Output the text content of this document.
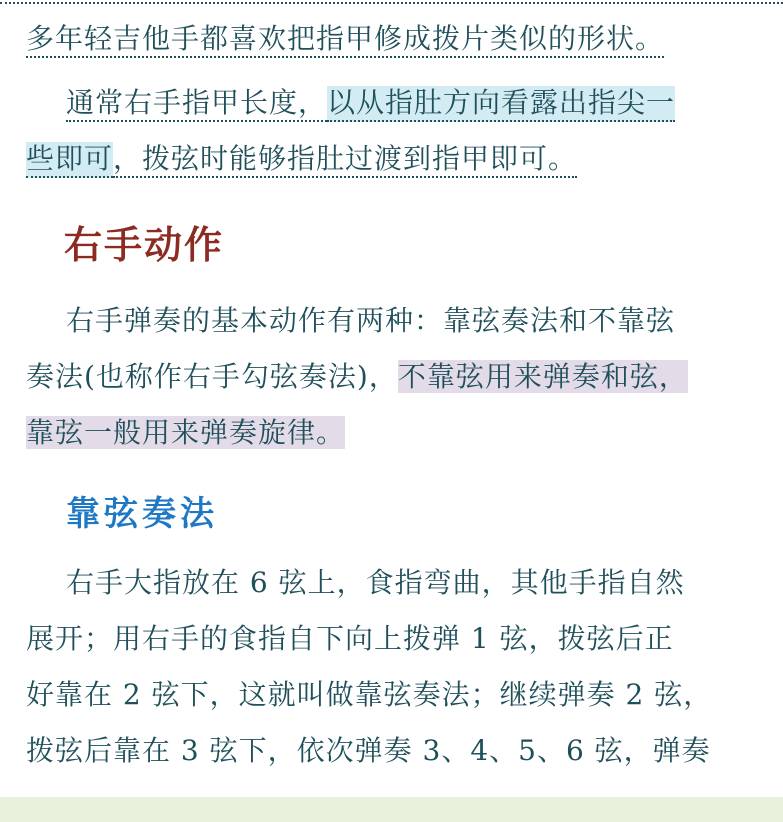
多年轻吉他手都喜欢把指甲修成拨片类似的形状。
通常右手指甲长度，以从指肚方向看露出指尖一
些即可，拨弦时能够指肚过渡到指甲即可。
右手动作
右手弹奏的基本动作有两种：靠弦奏法和不靠弦
奏法(也称作右手勾弦奏法)，不靠弦用来弹奏和弦，
靠弦一般用来弹奏旋律。
靠弦奏法
右手大指放在 6 弦上，食指弯曲，其他手指自然
展开；用右手的食指自下向上拨弹 1 弦，拨弦后正
好靠在 2 弦下，这就叫做靠弦奏法；继续弹奏 2 弦，
拨弦后靠在 3 弦下，依次弹奏 3、4、5、6 弦，弹奏
